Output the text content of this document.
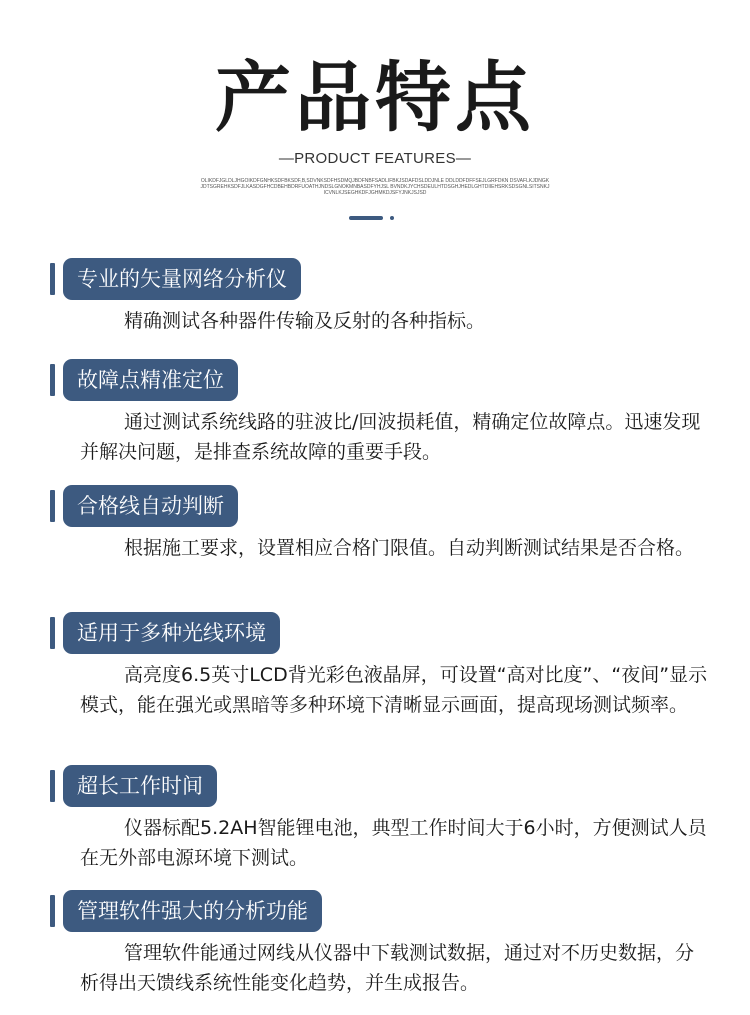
产品特点
—PRODUCT FEATURES—
OLIKDFJGLDLJHGOIKDFGNHKSDFBKSDF,B,SDVNKSDFHSDMQJBDFNBFSADLIFBKJSDAFDSLDDJNLE DDLDDFDFFSEJLGRFDKN DSVAFLKJDNGKJDTSGREHKSDFJLKASDGFHCDBEHBDRFUOATHJNDSLGNOKMNBASDFYHJSL BVNDKJYCHSDEULHTDSGHJHEDLGHTDIIEHSRKSDSGNLSITSNKJICVNLKJSEGHKDFJGHMKDJSFYJNKJSJSD
专业的矢量网络分析仪
精确测试各种器件传输及反射的各种指标。
故障点精准定位
通过测试系统线路的驻波比/回波损耗值，精确定位故障点。迅速发现并解决问题，是排查系统故障的重要手段。
合格线自动判断
根据施工要求，设置相应合格门限值。自动判断测试结果是否合格。
适用于多种光线环境
高亮度6.5英寸LCD背光彩色液晶屏，可设置“高对比度”、“夜间”显示模式，能在强光或黑暗等多种环境下清晰显示画面，提高现场测试频率。
超长工作时间
仪器标配5.2AH智能锂电池，典型工作时间大于6小时，方便测试人员在无外部电源环境下测试。
管理软件强大的分析功能
管理软件能通过网线从仪器中下载测试数据，通过对不历史数据，分析得出天馈线系统性能变化趋势，并生成报告。
